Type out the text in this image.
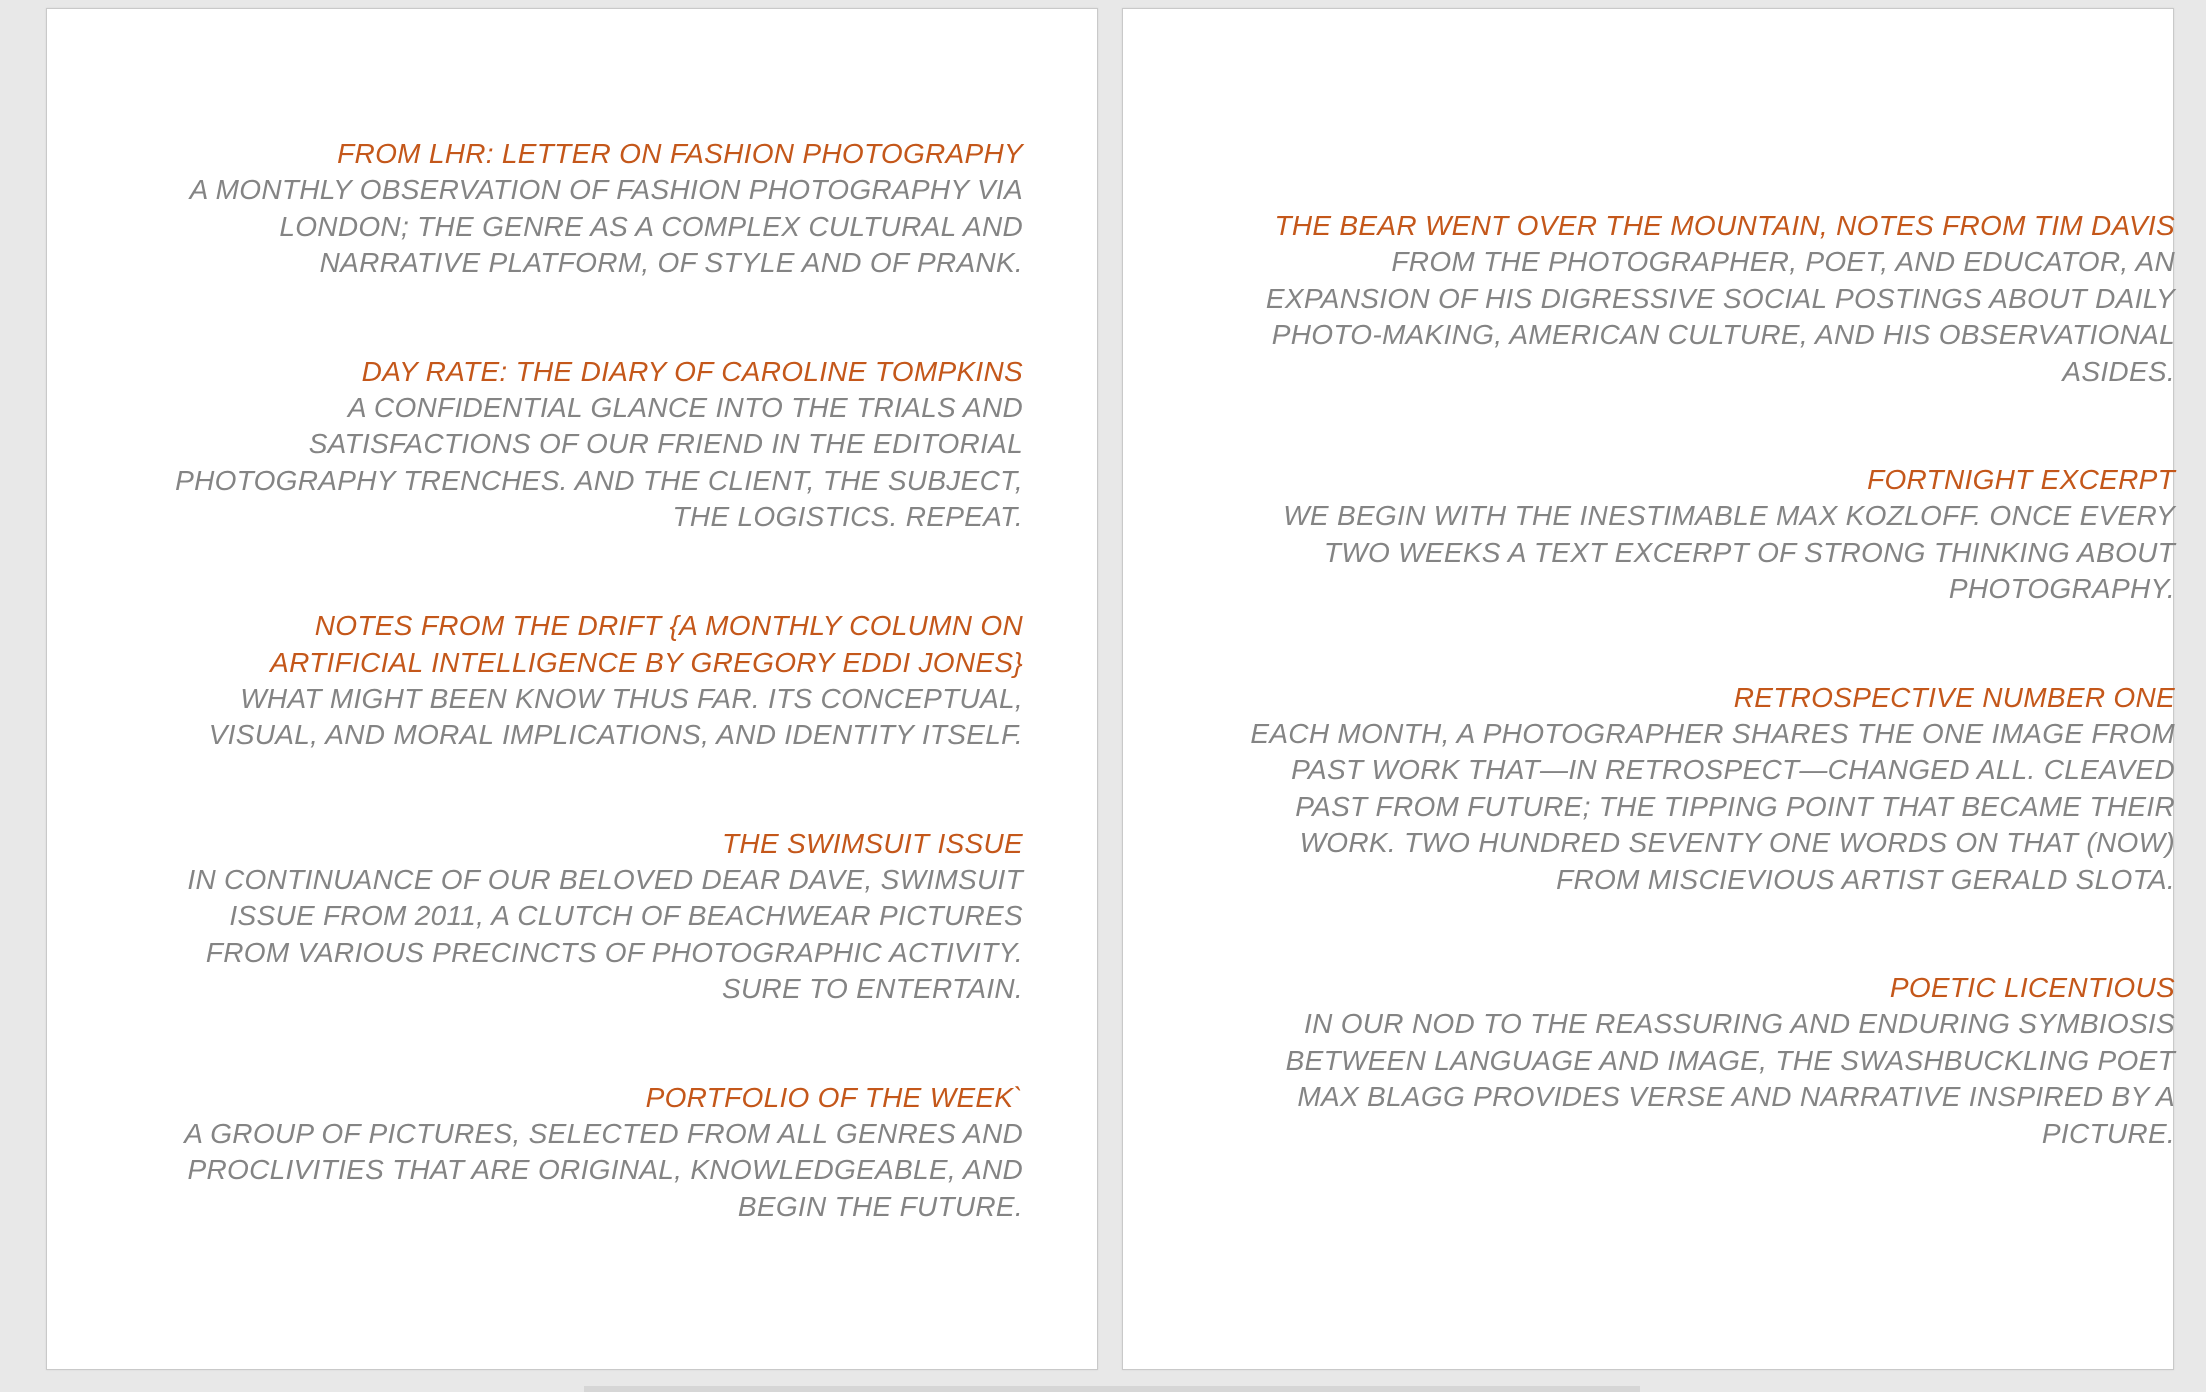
FROM LHR: LETTER ON FASHION PHOTOGRAPHY

A MONTHLY OBSERVATION OF FASHION PHOTOGRAPHY VIA LONDON; THE GENRE AS A COMPLEX CULTURAL AND NARRATIVE PLATFORM, OF STYLE AND OF PRANK.

DAY RATE: THE DIARY OF CAROLINE TOMPKINS

A CONFIDENTIAL GLANCE INTO THE TRIALS AND SATISFACTIONS OF OUR FRIEND IN THE EDITORIAL PHOTOGRAPHY TRENCHES. AND THE CLIENT, THE SUBJECT, THE LOGISTICS. REPEAT.

NOTES FROM THE DRIFT {A MONTHLY COLUMN ON ARTIFICIAL INTELLIGENCE BY GREGORY EDDI JONES}

WHAT MIGHT BEEN KNOW THUS FAR. ITS CONCEPTUAL, VISUAL, AND MORAL IMPLICATIONS, AND IDENTITY ITSELF.

THE SWIMSUIT ISSUE

IN CONTINUANCE OF OUR BELOVED DEAR DAVE, SWIMSUIT ISSUE FROM 2011, A CLUTCH OF BEACHWEAR PICTURES FROM VARIOUS PRECINCTS OF PHOTOGRAPHIC ACTIVITY. SURE TO ENTERTAIN.

PORTFOLIO OF THE WEEK`

A GROUP OF PICTURES, SELECTED FROM ALL GENRES AND PROCLIVITIES THAT ARE ORIGINAL, KNOWLEDGEABLE, AND BEGIN THE FUTURE.

THE BEAR WENT OVER THE MOUNTAIN, NOTES FROM TIM DAVIS

FROM THE PHOTOGRAPHER, POET, AND EDUCATOR, AN EXPANSION OF HIS DIGRESSIVE SOCIAL POSTINGS ABOUT DAILY PHOTO-MAKING, AMERICAN CULTURE, AND HIS OBSERVATIONAL ASIDES.

FORTNIGHT EXCERPT

WE BEGIN WITH THE INESTIMABLE MAX KOZLOFF. ONCE EVERY TWO WEEKS A TEXT EXCERPT OF STRONG THINKING ABOUT PHOTOGRAPHY.

RETROSPECTIVE NUMBER ONE

EACH MONTH, A PHOTOGRAPHER SHARES THE ONE IMAGE FROM PAST WORK THAT—IN RETROSPECT—CHANGED ALL. CLEAVED PAST FROM FUTURE; THE TIPPING POINT THAT BECAME THEIR WORK. TWO HUNDRED SEVENTY ONE WORDS ON THAT (NOW) FROM MISCIEVIOUS ARTIST GERALD SLOTA.

POETIC LICENTIOUS

IN OUR NOD TO THE REASSURING AND ENDURING SYMBIOSIS BETWEEN LANGUAGE AND IMAGE, THE SWASHBUCKLING POET MAX BLAGG PROVIDES VERSE AND NARRATIVE INSPIRED BY A PICTURE.
